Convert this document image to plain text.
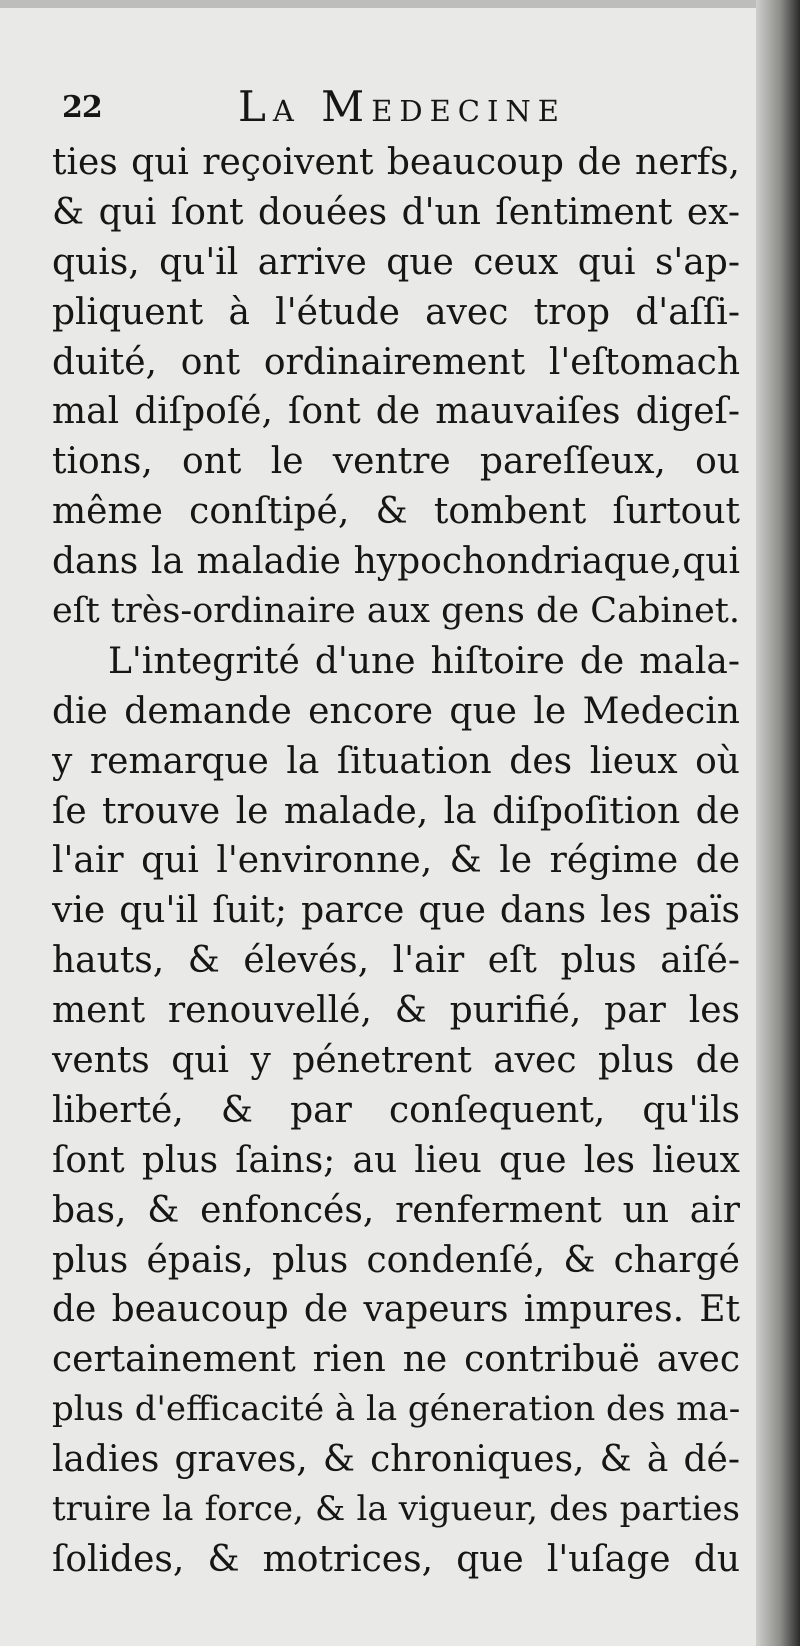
22	La Medecine
ties qui reçoivent beaucoup de nerfs,
& qui ſont douées d'un ſentiment ex-
quis, qu'il arrive que ceux qui s'ap-
pliquent à l'étude avec trop d'aſſi-
duité, ont ordinairement l'eſtomach
mal diſpoſé, ſont de mauvaiſes digeſ-
tions, ont le ventre pareſſeux, ou
même conſtipé, & tombent ſurtout
dans la maladie hypochondriaque,qui
eſt très-ordinaire aux gens de Cabinet.
L'integrité d'une hiſtoire de mala-
die demande encore que le Medecin
y remarque la ſituation des lieux où
ſe trouve le malade, la diſpoſition de
l'air qui l'environne, & le régime de
vie qu'il ſuit; parce que dans les païs
hauts, & élevés, l'air eſt plus aiſé-
ment renouvellé, & purifié, par les
vents qui y pénetrent avec plus de
liberté, & par conſequent, qu'ils
ſont plus ſains; au lieu que les lieux
bas, & enfoncés, renferment un air
plus épais, plus condenſé, & chargé
de beaucoup de vapeurs impures. Et
certainement rien ne contribuë avec
plus d'efficacité à la géneration des ma-
ladies graves, & chroniques, & à dé-
truire la force, & la vigueur, des parties
ſolides, & motrices, que l'uſage du
